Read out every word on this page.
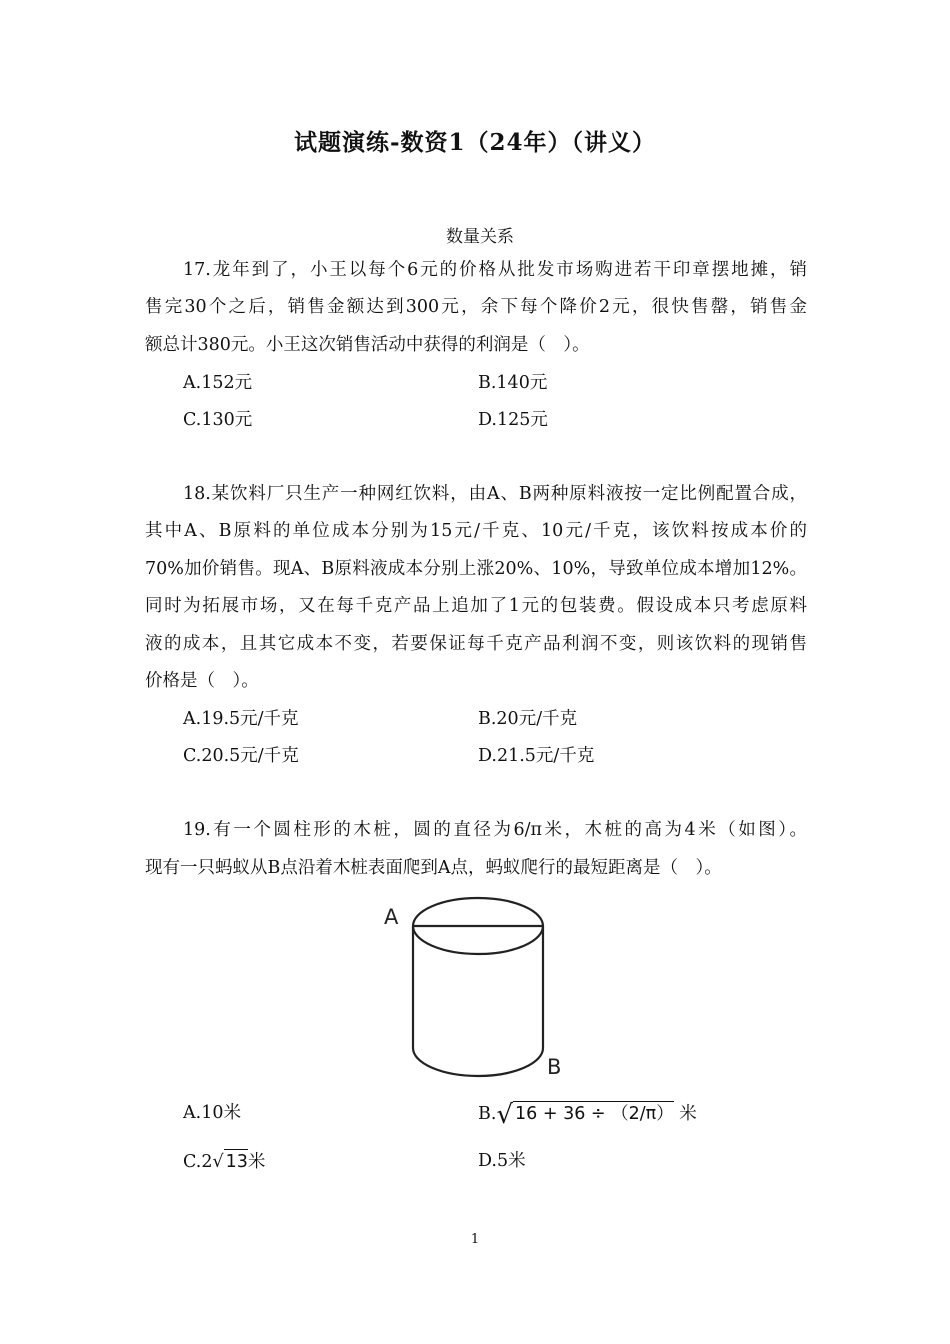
试题演练-数资1（24年）（讲义）
数量关系
17.龙年到了，小王以每个6元的价格从批发市场购进若干印章摆地摊，销
售完30个之后，销售金额达到300元，余下每个降价2元，很快售罄，销售金
额总计380元。小王这次销售活动中获得的利润是（　）。
A.152元	B.140元
C.130元	D.125元
18.某饮料厂只生产一种网红饮料，由A、B两种原料液按一定比例配置合成，
其中A、B原料的单位成本分别为15元/千克、10元/千克，该饮料按成本价的
70%加价销售。现A、B原料液成本分别上涨20%、10%，导致单位成本增加12%。
同时为拓展市场，又在每千克产品上追加了1元的包装费。假设成本只考虑原料
液的成本，且其它成本不变，若要保证每千克产品利润不变，则该饮料的现销售
价格是（　）。
A.19.5元/千克	B.20元/千克
C.20.5元/千克	D.21.5元/千克
19.有一个圆柱形的木桩，圆的直径为6/π米，木桩的高为4米（如图）。
现有一只蚂蚁从B点沿着木桩表面爬到A点，蚂蚁爬行的最短距离是（　）。
A
B
A.10米	B.√ 16 + 36 ÷ （2/π） 米
C.2√ 13米	D.5米
1
